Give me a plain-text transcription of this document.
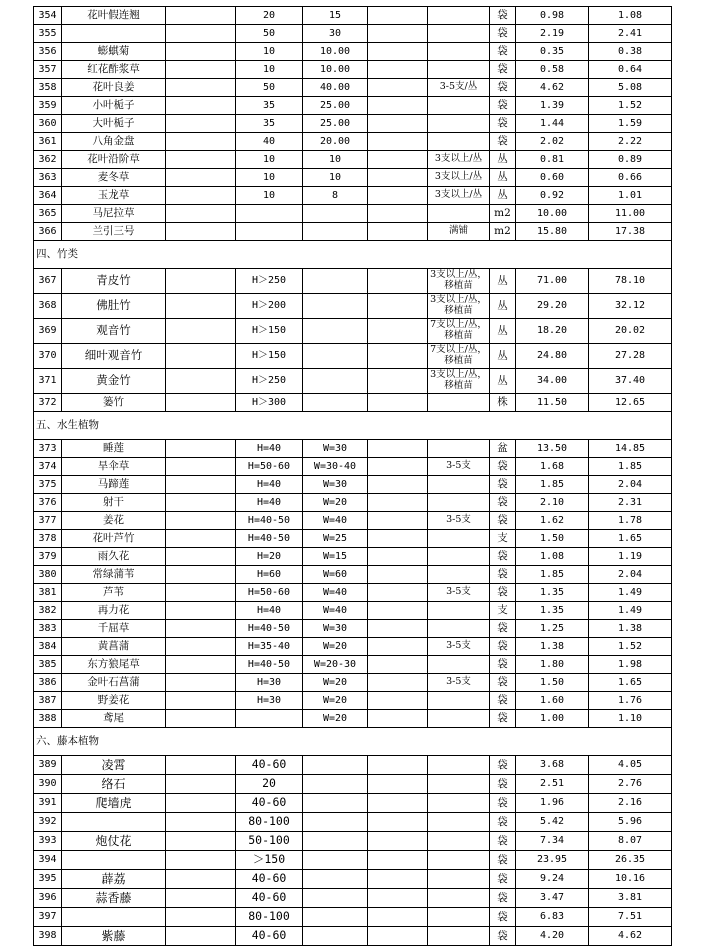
354	花叶假连翘		20	15			袋	0.98	1.08
355			50	30			袋	2.19	2.41
356	蟛蜞菊		10	10.00			袋	0.35	0.38
357	红花酢浆草		10	10.00			袋	0.58	0.64
358	花叶良姜		50	40.00		3-5支/丛	袋	4.62	5.08
359	小叶栀子		35	25.00			袋	1.39	1.52
360	大叶栀子		35	25.00			袋	1.44	1.59
361	八角金盘		40	20.00			袋	2.02	2.22
362	花叶沿阶草		10	10		3支以上/丛	丛	0.81	0.89
363	麦冬草		10	10		3支以上/丛	丛	0.60	0.66
364	玉龙草		10	8		3支以上/丛	丛	0.92	1.01
365	马尼拉草						m2	10.00	11.00
366	兰引三号					满铺	m2	15.80	17.38
四、竹类									
367	青皮竹		H＞250			3支以上/丛，移植苗	丛	71.00	78.10
368	佛肚竹		H＞200			3支以上/丛，移植苗	丛	29.20	32.12
369	观音竹		H＞150			7支以上/丛，移植苗	丛	18.20	20.02
370	细叶观音竹		H＞150			7支以上/丛，移植苗	丛	24.80	27.28
371	黄金竹		H＞250			3支以上/丛，移植苗	丛	34.00	37.40
372	篓竹		H＞300				株	11.50	12.65
五、水生植物									
373	睡莲		H=40	W=30			盆	13.50	14.85
374	旱伞草		H=50-60	W=30-40		3-5支	袋	1.68	1.85
375	马蹄莲		H=40	W=30			袋	1.85	2.04
376	射干		H=40	W=20			袋	2.10	2.31
377	姜花		H=40-50	W=40		3-5支	袋	1.62	1.78
378	花叶芦竹		H=40-50	W=25			支	1.50	1.65
379	雨久花		H=20	W=15			袋	1.08	1.19
380	常绿蒲苇		H=60	W=60			袋	1.85	2.04
381	芦苇		H=50-60	W=40		3-5支	袋	1.35	1.49
382	再力花		H=40	W=40			支	1.35	1.49
383	千屈草		H=40-50	W=30			袋	1.25	1.38
384	黄菖蒲		H=35-40	W=20		3-5支	袋	1.38	1.52
385	东方狼尾草		H=40-50	W=20-30			袋	1.80	1.98
386	金叶石菖蒲		H=30	W=20		3-5支	袋	1.50	1.65
387	野姜花		H=30	W=20			袋	1.60	1.76
388	鸢尾			W=20			袋	1.00	1.10
六、藤本植物									
389	凌霄		40-60				袋	3.68	4.05
390	络石		20				袋	2.51	2.76
391	爬墙虎		40-60				袋	1.96	2.16
392			80-100				袋	5.42	5.96
393	炮仗花		50-100				袋	7.34	8.07
394			＞150				袋	23.95	26.35
395	薜荔		40-60				袋	9.24	10.16
396	蒜香藤		40-60				袋	3.47	3.81
397			80-100				袋	6.83	7.51
398	紫藤		40-60				袋	4.20	4.62
